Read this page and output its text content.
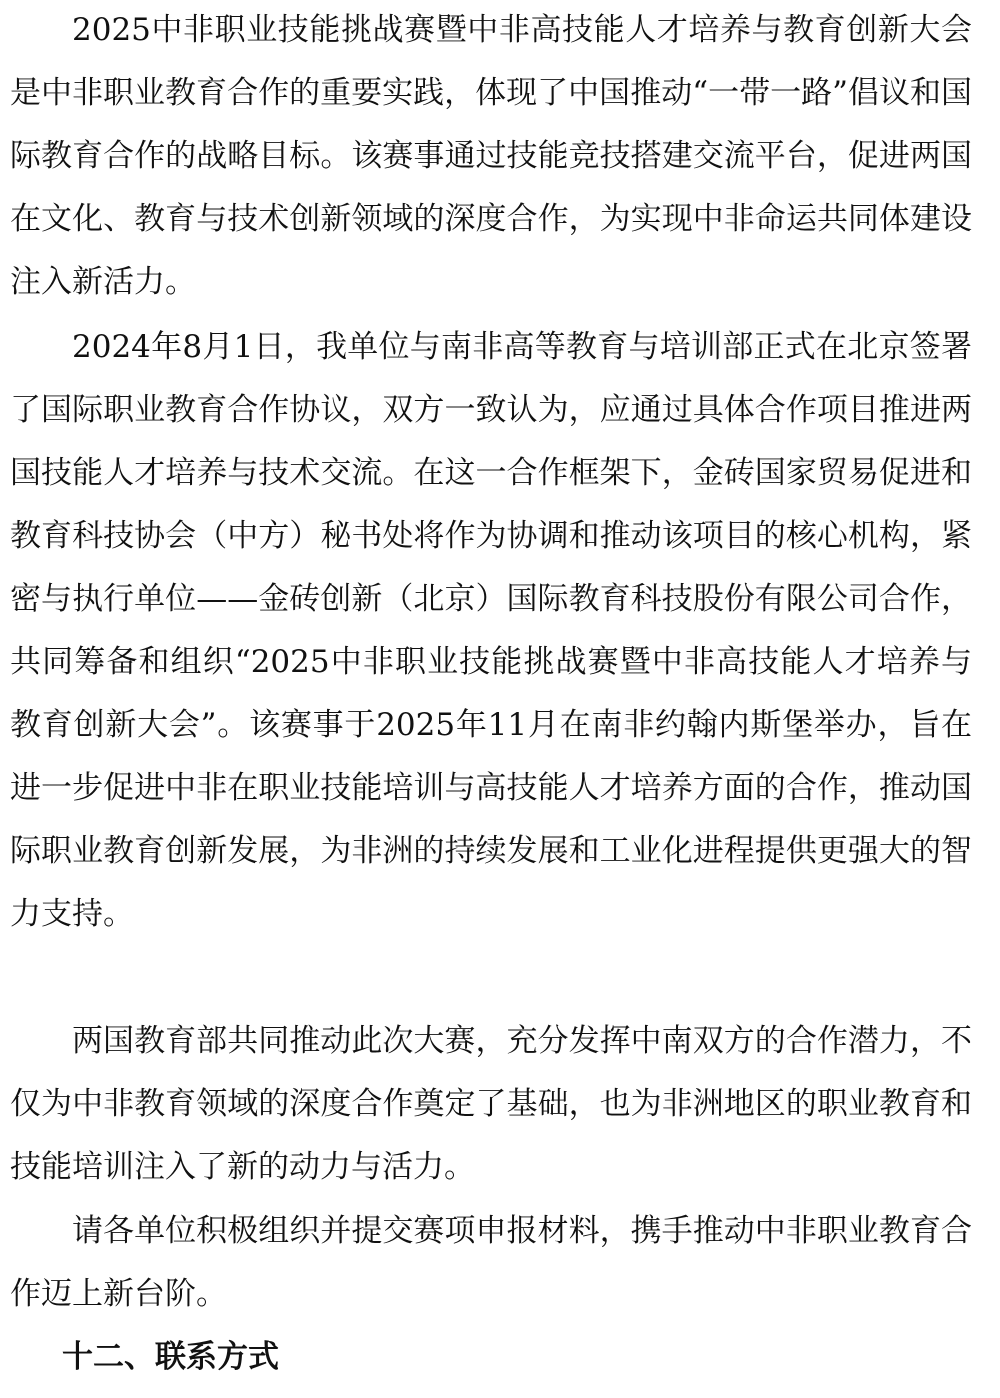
2025中非职业技能挑战赛暨中非高技能人才培养与教育创新大会是中非职业教育合作的重要实践，体现了中国推动“一带一路”倡议和国际教育合作的战略目标。该赛事通过技能竞技搭建交流平台，促进两国在文化、教育与技术创新领域的深度合作，为实现中非命运共同体建设注入新活力。

2024年8月1日，我单位与南非高等教育与培训部正式在北京签署了国际职业教育合作协议，双方一致认为，应通过具体合作项目推进两国技能人才培养与技术交流。在这一合作框架下，金砖国家贸易促进和教育科技协会（中方）秘书处将作为协调和推动该项目的核心机构，紧密与执行单位——金砖创新（北京）国际教育科技股份有限公司合作，共同筹备和组织“2025中非职业技能挑战赛暨中非高技能人才培养与教育创新大会”。该赛事于2025年11月在南非约翰内斯堡举办，旨在进一步促进中非在职业技能培训与高技能人才培养方面的合作，推动国际职业教育创新发展，为非洲的持续发展和工业化进程提供更强大的智力支持。

两国教育部共同推动此次大赛，充分发挥中南双方的合作潜力，不仅为中非教育领域的深度合作奠定了基础，也为非洲地区的职业教育和技能培训注入了新的动力与活力。

请各单位积极组织并提交赛项申报材料，携手推动中非职业教育合作迈上新台阶。

十二、联系方式
